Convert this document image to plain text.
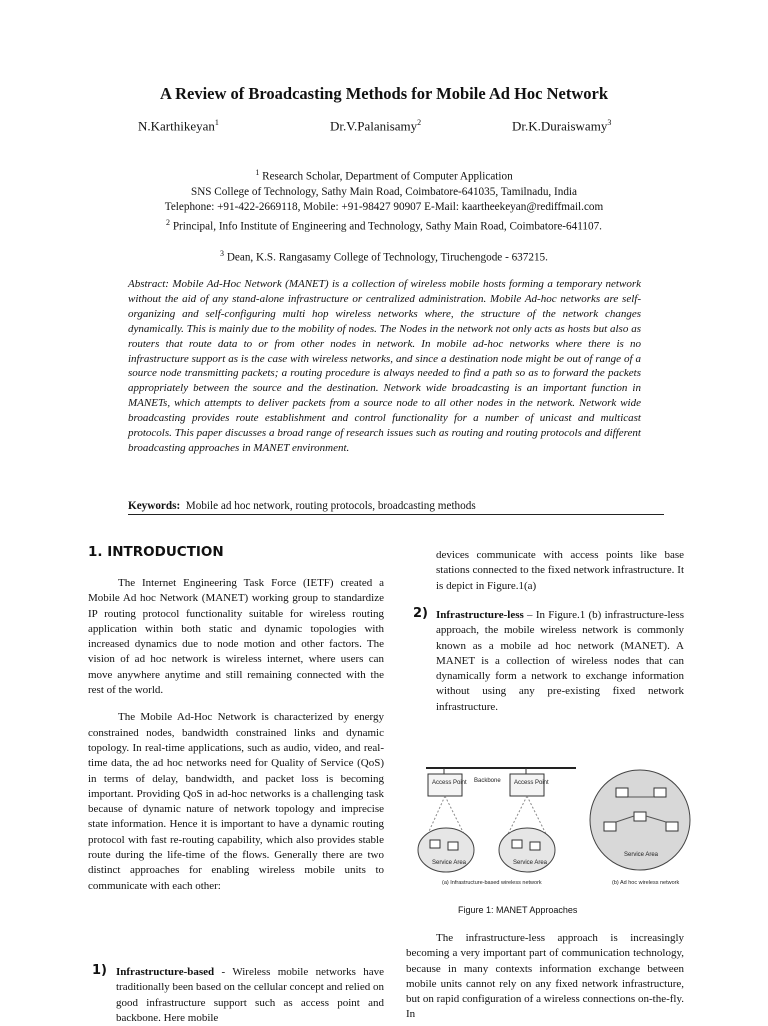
A Review of Broadcasting Methods for Mobile Ad Hoc Network
N.Karthikeyan$^1$	Dr.V.Palanisamy$^2$	Dr.K.Duraiswamy$^3$
$^1$ Research Scholar, Department of Computer Application
SNS College of Technology, Sathy Main Road, Coimbatore-641035, Tamilnadu, India
Telephone: +91-422-2669118, Mobile: +91-98427 90907 E-Mail: kaartheekeyan@rediffmail.com
$^2$ Principal, Info Institute of Engineering and Technology, Sathy Main Road, Coimbatore-641107.
$^3$ Dean, K.S. Rangasamy College of Technology, Tiruchengode - 637215.
Abstract: Mobile Ad-Hoc Network (MANET) is a collection of wireless mobile hosts forming a temporary network without the aid of any stand-alone infrastructure or centralized administration. Mobile Ad-hoc networks are self-organizing and self-configuring multi hop wireless networks where, the structure of the network changes dynamically. This is mainly due to the mobility of nodes. The Nodes in the network not only acts as hosts but also as routers that route data to or from other nodes in network. In mobile ad-hoc networks where there is no infrastructure support as is the case with wireless networks, and since a destination node might be out of range of a source node transmitting packets; a routing procedure is always needed to find a path so as to forward the packets appropriately between the source and the destination. Network wide broadcasting is an important function in MANETs, which attempts to deliver packets from a source node to all other nodes in the network. Network wide broadcasting provides route establishment and control functionality for a number of unicast and multicast protocols. This paper discusses a broad range of research issues such as routing and routing protocols and different broadcasting approaches in MANET environment.
Keywords: Mobile ad hoc network, routing protocols, broadcasting methods
1. INTRODUCTION

The Internet Engineering Task Force (IETF) created a Mobile Ad hoc Network (MANET) working group to standardize IP routing protocol functionality suitable for wireless routing application within both static and dynamic topologies with increased dynamics due to node motion and other factors. The vision of ad hoc network is wireless internet, where users can move anywhere anytime and still remaining connected with the rest of the world.

The Mobile Ad-Hoc Network is characterized by energy constrained nodes, bandwidth constrained links and dynamic topology. In real-time applications, such as audio, video, and real-time data, the ad hoc networks need for Quality of Service (QoS) in terms of delay, bandwidth, and packet loss is becoming important. Providing QoS in ad-hoc networks is a challenging task because of dynamic nature of network topology and imprecise state information. Hence it is important to have a dynamic routing protocol with fast re-routing capability, which also provides stable route during the life-time of the flows. Generally there are two distinct approaches for enabling wireless mobile units to communicate with each other:

1) Infrastructure-based - Wireless mobile networks have traditionally been based on the cellular concept and relied on good infrastructure support such as access point and backbone. Here mobile
devices communicate with access points like base stations connected to the fixed network infrastructure. It is depict in Figure.1(a)
2) Infrastructure-less – In Figure.1 (b) infrastructure-less approach, the mobile wireless network is commonly known as a mobile ad hoc network (MANET). A MANET is a collection of wireless nodes that can dynamically form a network to exchange information without using any pre-existing fixed network infrastructure.
Backbone
Access Point	Access Point
Service Area	Service Area
Service Area
(a) Infrastructure-based wireless network	(b) Ad hoc wireless network
Figure 1: MANET Approaches

The infrastructure-less approach is increasingly becoming a very important part of communication technology, because in many contexts information exchange between mobile units cannot rely on any fixed network infrastructure, but on rapid configuration of a wireless connections on-the-fly. In
